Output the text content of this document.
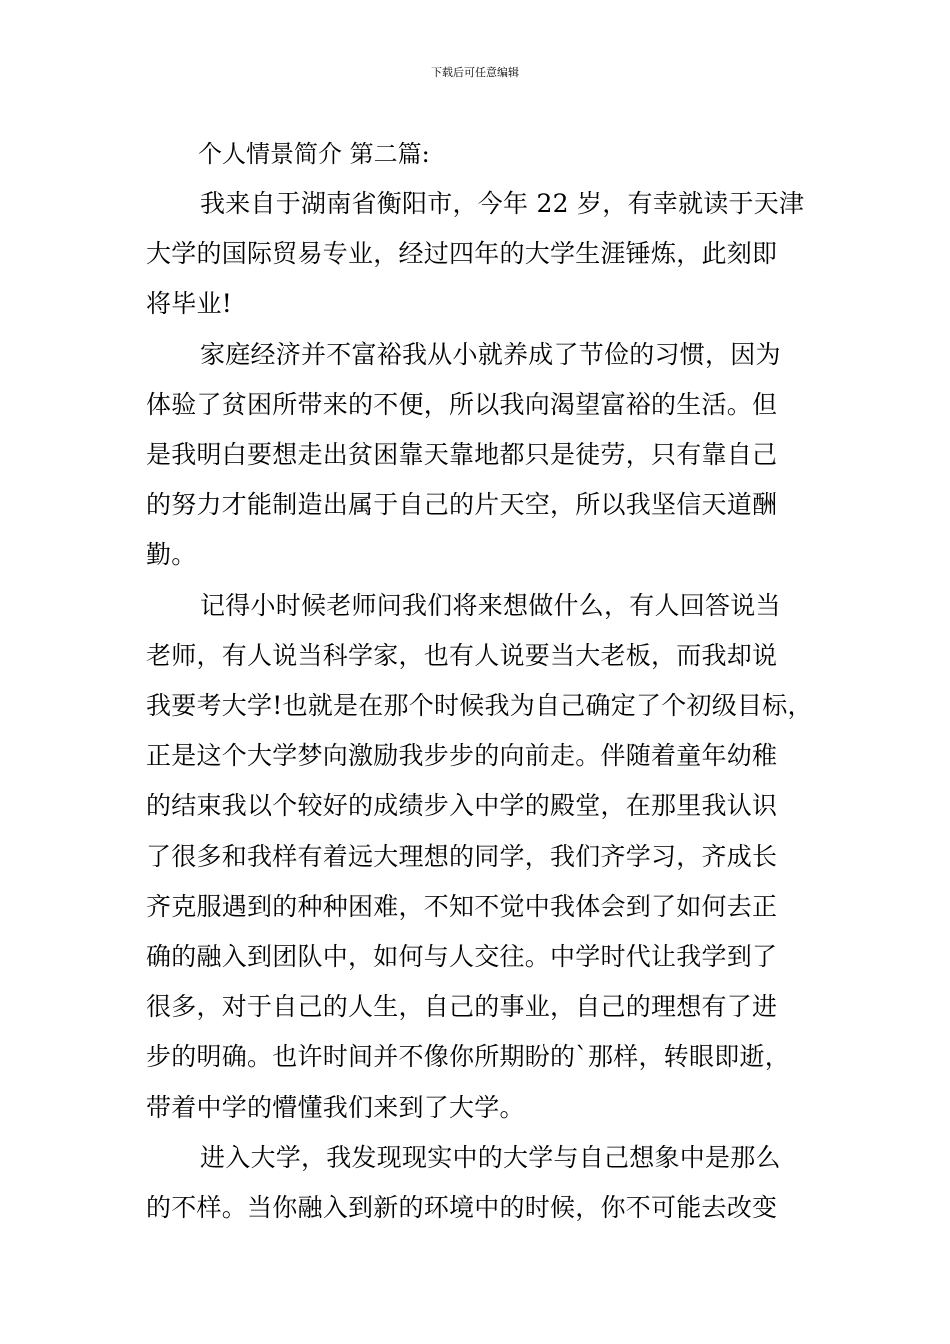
下载后可任意编辑
个人情景简介 第二篇:

我来自于湖南省衡阳市，今年 22 岁，有幸就读于天津

大学的国际贸易专业，经过四年的大学生涯锤炼，此刻即

将毕业!

家庭经济并不富裕我从小就养成了节俭的习惯，因为

体验了贫困所带来的不便，所以我向渴望富裕的生活。但

是我明白要想走出贫困靠天靠地都只是徒劳，只有靠自己

的努力才能制造出属于自己的片天空，所以我坚信天道酬

勤。

记得小时候老师问我们将来想做什么，有人回答说当

老师，有人说当科学家，也有人说要当大老板，而我却说

我要考大学!也就是在那个时候我为自己确定了个初级目标，

正是这个大学梦向激励我步步的向前走。伴随着童年幼稚

的结束我以个较好的成绩步入中学的殿堂，在那里我认识

了很多和我样有着远大理想的同学，我们齐学习，齐成长

齐克服遇到的种种困难，不知不觉中我体会到了如何去正

确的融入到团队中，如何与人交往。中学时代让我学到了

很多，对于自己的人生，自己的事业，自己的理想有了进

步的明确。也许时间并不像你所期盼的`那样，转眼即逝，

带着中学的懵懂我们来到了大学。

进入大学，我发现现实中的大学与自己想象中是那么

的不样。当你融入到新的环境中的时候，你不可能去改变
